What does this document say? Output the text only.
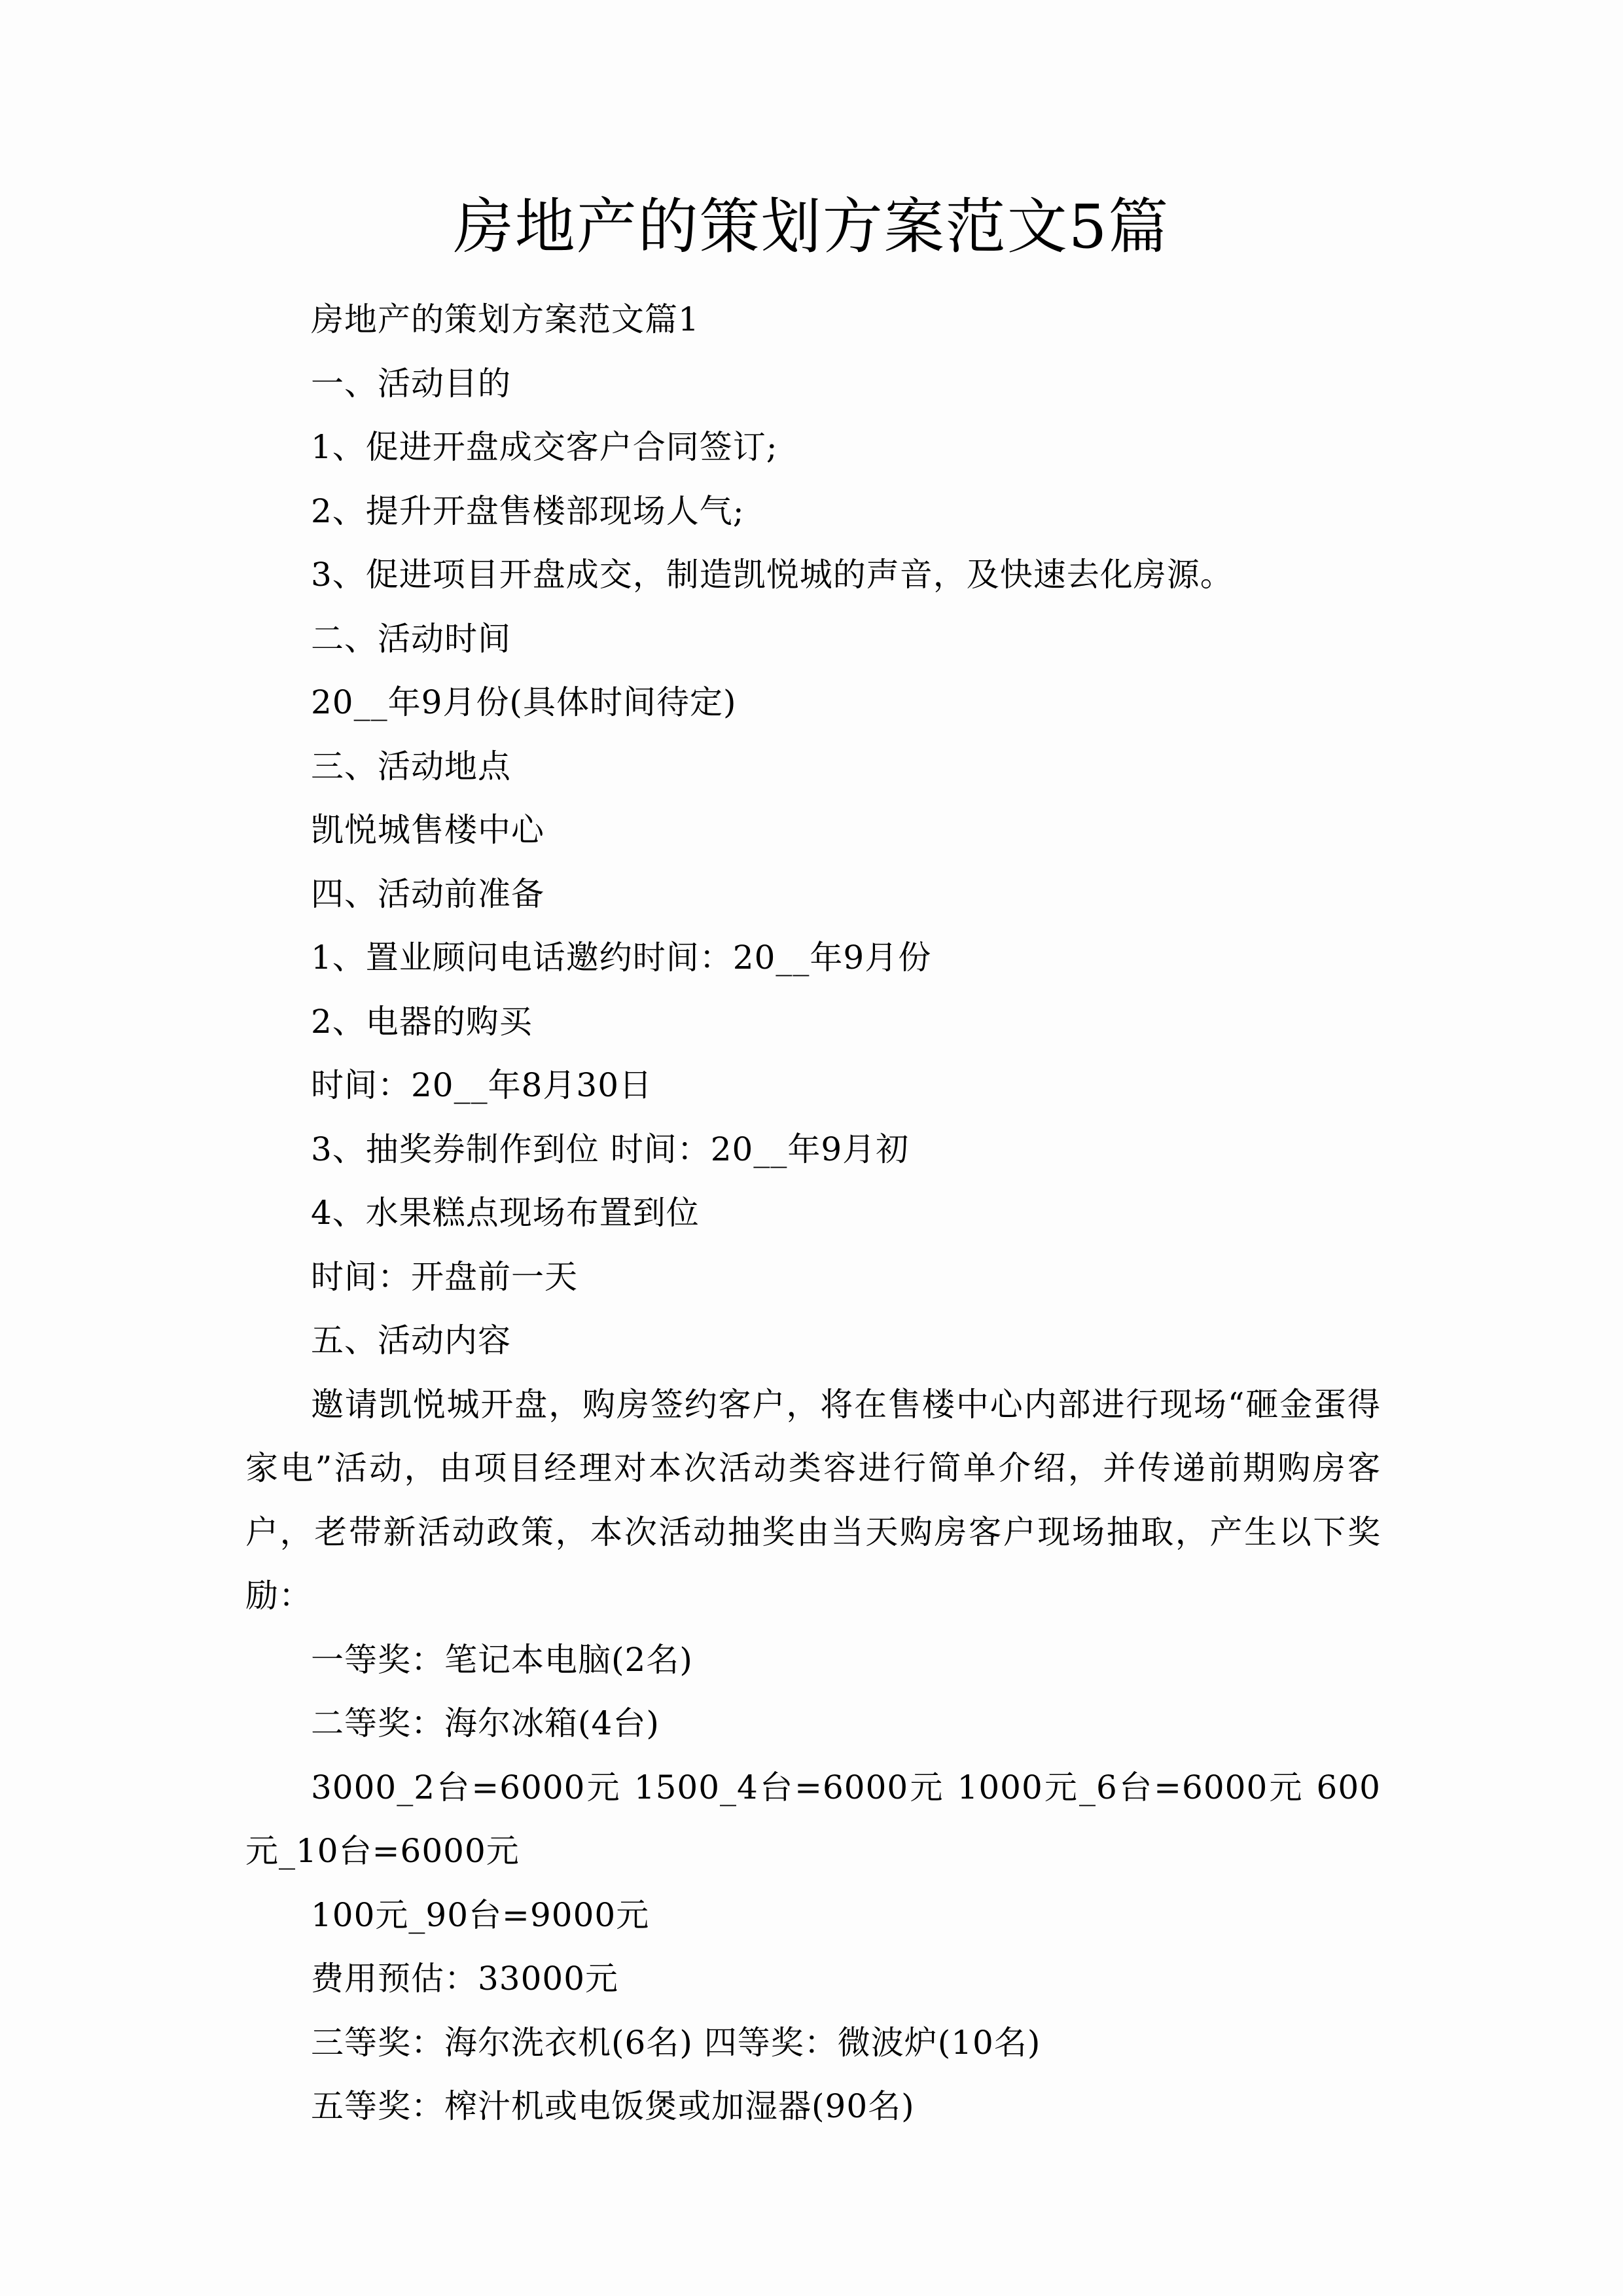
房地产的策划方案范文5篇
房地产的策划方案范文篇1
一、活动目的
1、促进开盘成交客户合同签订;
2、提升开盘售楼部现场人气;
3、促进项目开盘成交，制造凯悦城的声音，及快速去化房源。
二、活动时间
20__年9月份(具体时间待定)
三、活动地点
凯悦城售楼中心
四、活动前准备
1、置业顾问电话邀约时间：20__年9月份
2、电器的购买
时间：20__年8月30日
3、抽奖券制作到位 时间：20__年9月初
4、水果糕点现场布置到位
时间：开盘前一天
五、活动内容

邀请凯悦城开盘，购房签约客户，将在售楼中心内部进行现场“砸金蛋得家电”活动，由项目经理对本次活动类容进行简单介绍，并传递前期购房客户，老带新活动政策，本次活动抽奖由当天购房客户现场抽取，产生以下奖励：

一等奖：笔记本电脑(2名)
二等奖：海尔冰箱(4台)

3000_2台=6000元 1500_4台=6000元 1000元_6台=6000元 600元_10台=6000元

100元_90台=9000元
费用预估：33000元
三等奖：海尔洗衣机(6名) 四等奖：微波炉(10名)
五等奖：榨汁机或电饭煲或加湿器(90名)
